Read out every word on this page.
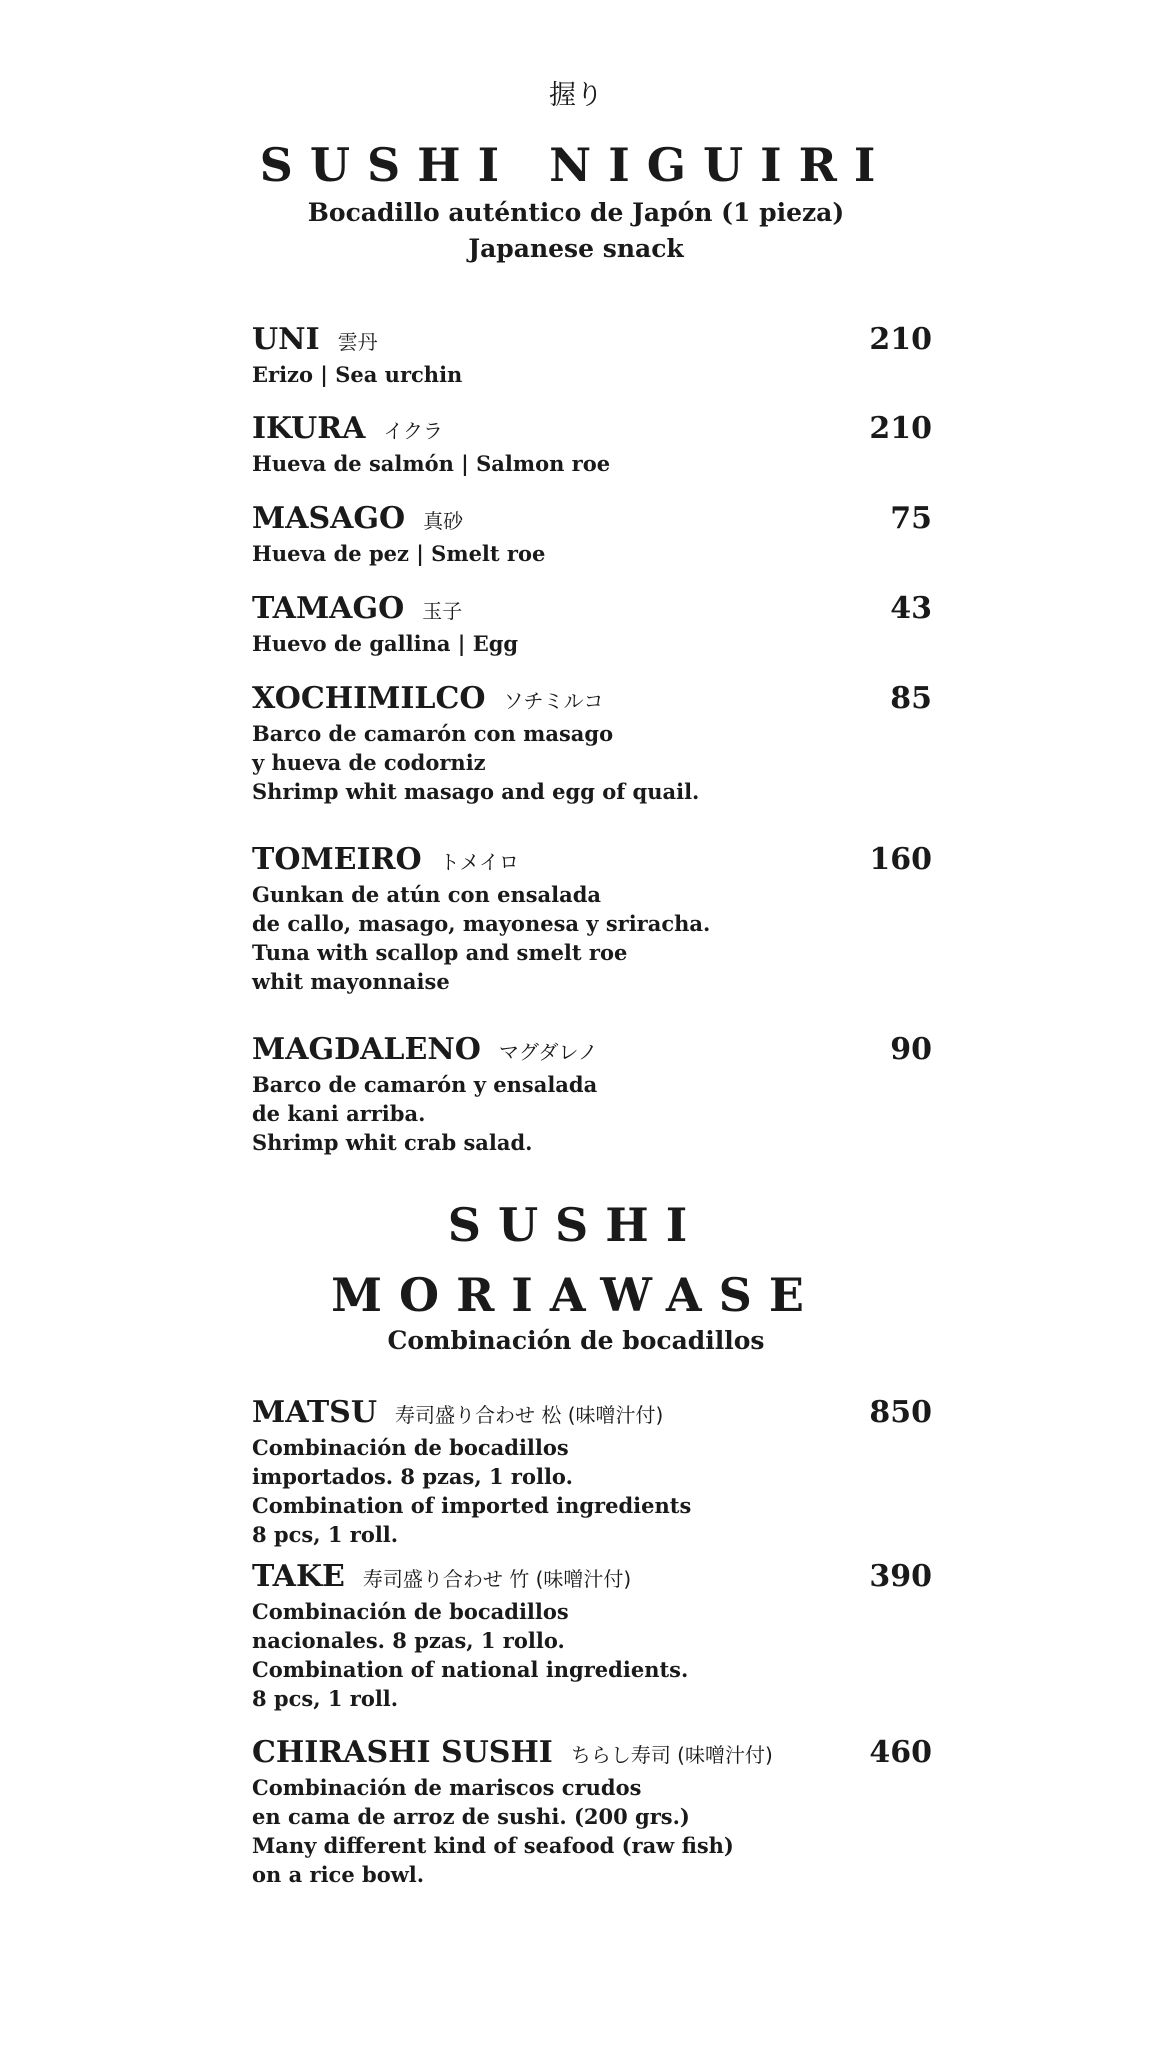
握り
SUSHI NIGUIRI
Bocadillo auténtico de Japón (1 pieza)
Japanese snack
UNI 雲丹	210
Erizo | Sea urchin
IKURA イクラ	210
Hueva de salmón | Salmon roe
MASAGO 真砂	75
Hueva de pez | Smelt roe
TAMAGO 玉子	43
Huevo de gallina | Egg
XOCHIMILCO ソチミルコ	85
Barco de camarón con masago
y hueva de codorniz
Shrimp whit masago and egg of quail.
TOMEIRO トメイロ	160
Gunkan de atún con ensalada
de callo, masago, mayonesa y sriracha.
Tuna with scallop and smelt roe
whit mayonnaise
MAGDALENO マグダレノ	90
Barco de camarón y ensalada
de kani arriba.
Shrimp whit crab salad.
SUSHI
MORIAWASE
Combinación de bocadillos
MATSU 寿司盛り合わせ 松 (味噌汁付)	850
Combinación de bocadillos
importados. 8 pzas, 1 rollo.
Combination of imported ingredients
8 pcs, 1 roll.
TAKE 寿司盛り合わせ 竹 (味噌汁付)	390
Combinación de bocadillos
nacionales. 8 pzas, 1 rollo.
Combination of national ingredients.
8 pcs, 1 roll.
CHIRASHI SUSHI ちらし寿司 (味噌汁付)	460
Combinación de mariscos crudos
en cama de arroz de sushi. (200 grs.)
Many different kind of seafood (raw fish)
on a rice bowl.
